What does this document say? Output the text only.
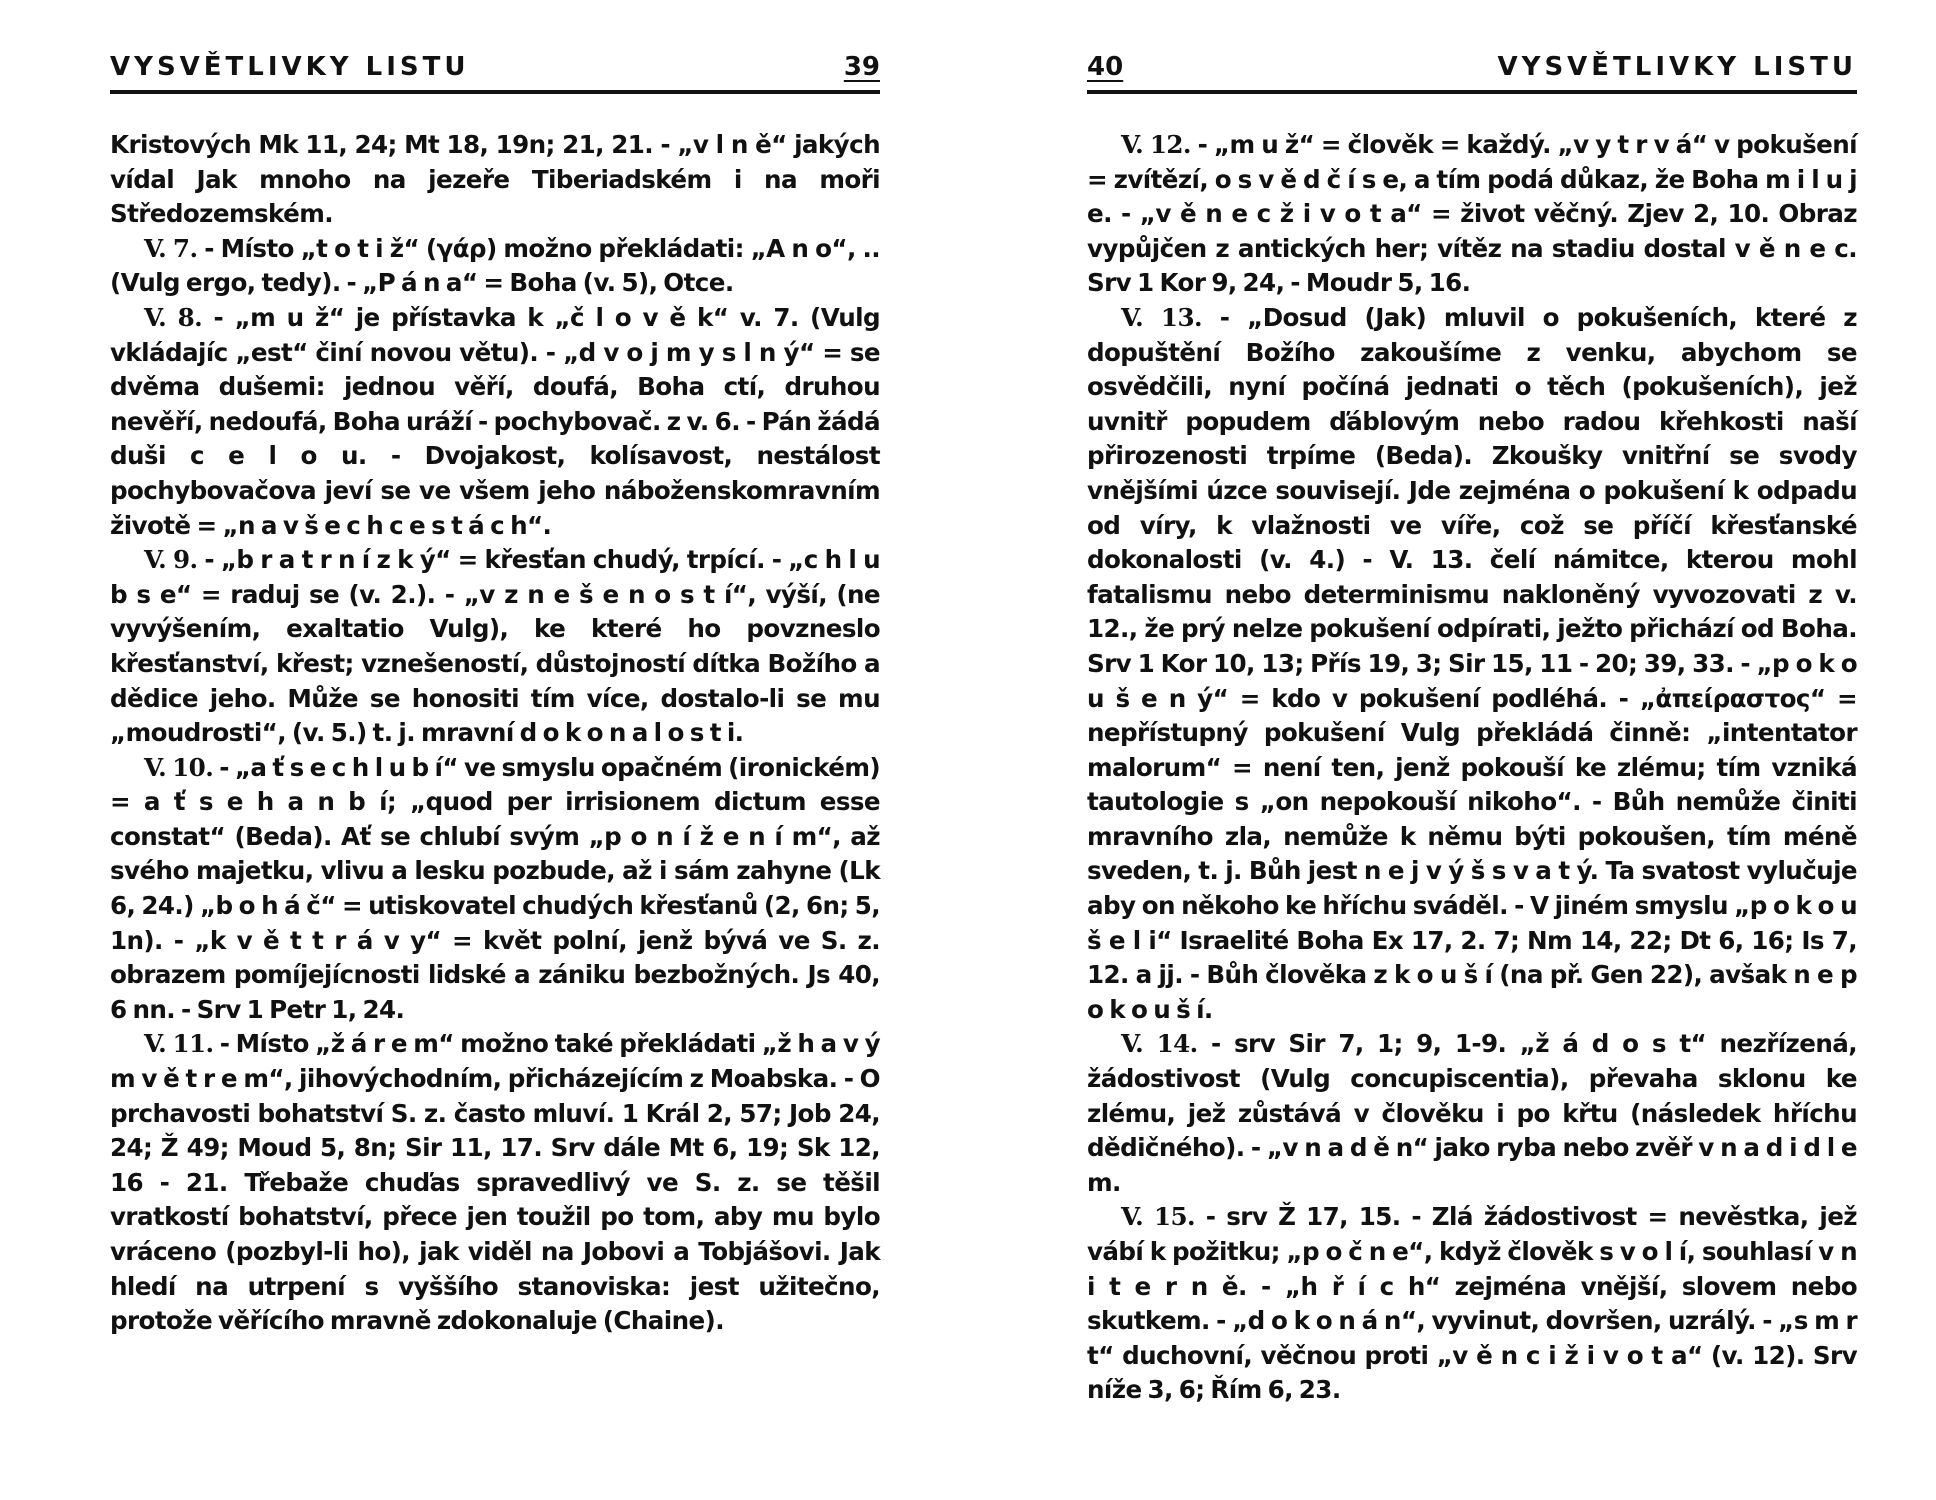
VYSVĚTLIVKY LISTU	39

Kristových Mk 11, 24; Mt 18, 19n; 21, 21. - „v l n ě“ jakých vídal Jak mnoho na jezeře Tiberiadském i na moři Středozemském.

V. 7. - Místo „t o t i ž“ (γάρ) možno překládati: „A n o“, .. (Vulg ergo, tedy). - „P á n a“ = Boha (v. 5), Otce.

V. 8. - „m u ž“ je přístavka k „č l o v ě k“ v. 7. (Vulg vkládajíc „est“ činí novou větu). - „d v o j m y s l n ý“ = se dvěma dušemi: jednou věří, doufá, Boha ctí, druhou nevěří, nedoufá, Boha uráží - pochybovač. z v. 6. - Pán žádá duši c e l o u. - Dvojakost, kolísavost, nestálost pochybovačova jeví se ve všem jeho náboženskomravním životě = „n a v š e c h c e s t á c h“.

V. 9. - „b r a t r n í z k ý“ = křesťan chudý, trpící. - „c h l u b s e“ = raduj se (v. 2.). - „v z n e š e n o s t í“, výší, (ne vyvýšením, exaltatio Vulg), ke které ho povzneslo křesťanství, křest; vznešeností, důstojností dítka Božího a dědice jeho. Může se honositi tím více, dostalo-li se mu „moudrosti“, (v. 5.) t. j. mravní d o k o n a l o s t i.

V. 10. - „a ť s e c h l u b í“ ve smyslu opačném (ironickém) = a ť s e h a n b í; „quod per irrisionem dictum esse constat“ (Beda). Ať se chlubí svým „p o n í ž e n í m“, až svého majetku, vlivu a lesku pozbude, až i sám zahyne (Lk 6, 24.) „b o h á č“ = utiskovatel chudých křesťanů (2, 6n; 5, 1n). - „k v ě t t r á v y“ = květ polní, jenž bývá ve S. z. obrazem pomíjejícnosti lidské a zániku bezbožných. Js 40, 6 nn. - Srv 1 Petr 1, 24.

V. 11. - Místo „ž á r e m“ možno také překládati „ž h a v ý m v ě t r e m“, jihovýchodním, přicházejícím z Moabska. - O prchavosti bohatství S. z. často mluví. 1 Král 2, 57; Job 24, 24; Ž 49; Moud 5, 8n; Sir 11, 17. Srv dále Mt 6, 19; Sk 12, 16 - 21. Třebaže chuďas spravedlivý ve S. z. se těšil vratkostí bohatství, přece jen toužil po tom, aby mu bylo vráceno (pozbyl-li ho), jak viděl na Jobovi a Tobjášovi. Jak hledí na utrpení s vyššího stanoviska: jest užitečno, protože věřícího mravně zdokonaluje (Chaine).

40	VYSVĚTLIVKY LISTU

V. 12. - „m u ž“ = člověk = každý. „v y t r v á“ v pokušení = zvítězí, o s v ě d č í s e, a tím podá důkaz, že Boha m i l u j e. - „v ě n e c ž i v o t a“ = život věčný. Zjev 2, 10. Obraz vypůjčen z antických her; vítěz na stadiu dostal v ě n e c. Srv 1 Kor 9, 24, - Moudr 5, 16.

V. 13. - „Dosud (Jak) mluvil o pokušeních, které z dopuštění Božího zakoušíme z venku, abychom se osvědčili, nyní počíná jednati o těch (pokušeních), jež uvnitř popudem ďáblovým nebo radou křehkosti naší přirozenosti trpíme (Beda). Zkoušky vnitřní se svody vnějšími úzce souvisejí. Jde zejména o pokušení k odpadu od víry, k vlažnosti ve víře, což se příčí křesťanské dokonalosti (v. 4.) - V. 13. čelí námitce, kterou mohl fatalismu nebo determinismu nakloněný vyvozovati z v. 12., že prý nelze pokušení odpírati, ježto přichází od Boha. Srv 1 Kor 10, 13; Přís 19, 3; Sir 15, 11 - 20; 39, 33. - „p o k o u š e n ý“ = kdo v pokušení podléhá. - „ἀπείραστος“ = nepřístupný pokušení Vulg překládá činně: „intentator malorum“ = není ten, jenž pokouší ke zlému; tím vzniká tautologie s „on nepokouší nikoho“. - Bůh nemůže činiti mravního zla, nemůže k němu býti pokoušen, tím méně sveden, t. j. Bůh jest n e j v ý š s v a t ý. Ta svatost vylučuje aby on někoho ke hříchu sváděl. - V jiném smyslu „p o k o u š e l i“ Israelité Boha Ex 17, 2. 7; Nm 14, 22; Dt 6, 16; Is 7, 12. a jj. - Bůh člověka z k o u š í (na př. Gen 22), avšak n e p o k o u š í.

V. 14. - srv Sir 7, 1; 9, 1-9. „ž á d o s t“ nezřízená, žádostivost (Vulg concupiscentia), převaha sklonu ke zlému, jež zůstává v člověku i po křtu (následek hříchu dědičného). - „v n a d ě n“ jako ryba nebo zvěř v n a d i d l e m.

V. 15. - srv Ž 17, 15. - Zlá žádostivost = nevěstka, jež vábí k požitku; „p o č n e“, když člověk s v o l í, souhlasí v n i t e r n ě. - „h ř í c h“ zejména vnější, slovem nebo skutkem. - „d o k o n á n“, vyvinut, dovršen, uzrálý. - „s m r t“ duchovní, věčnou proti „v ě n c i ž i v o t a“ (v. 12). Srv níže 3, 6; Řím 6, 23.
